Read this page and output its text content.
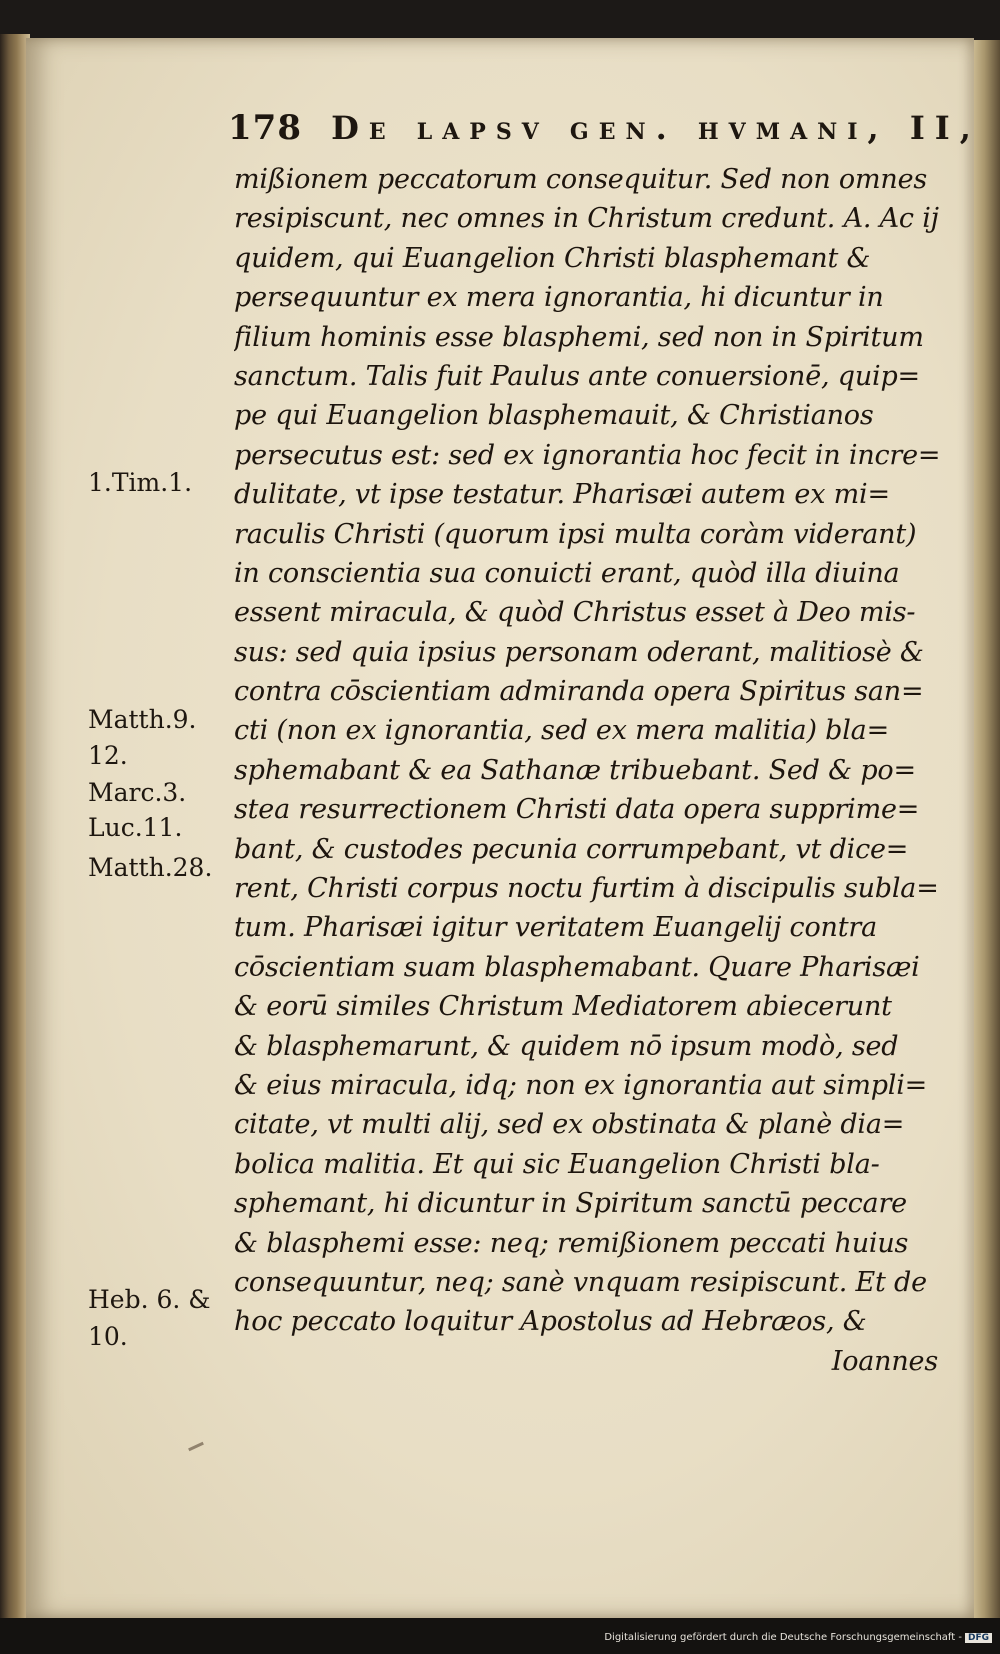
178 De lapsv gen. hvmani, II,
mißionem peccatorum consequitur. Sed non omnes
resipiscunt, nec omnes in Christum credunt. A. Ac ij
quidem, qui Euangelion Christi blasphemant &
persequuntur ex mera ignorantia, hi dicuntur in
filium hominis esse blasphemi, sed non in Spiritum
sanctum. Talis fuit Paulus ante conuersionē, quip=
pe qui Euangelion blasphemauit, & Christianos
persecutus est: sed ex ignorantia hoc fecit in incre=
dulitate, vt ipse testatur. Pharisæi autem ex mi=
raculis Christi (quorum ipsi multa coràm viderant)
in conscientia sua conuicti erant, quòd illa diuina
essent miracula, & quòd Christus esset à Deo mis-
sus: sed quia ipsius personam oderant, malitiosè &
contra cōscientiam admiranda opera Spiritus san=
cti (non ex ignorantia, sed ex mera malitia) bla=
sphemabant & ea Sathanæ tribuebant. Sed & po=
stea resurrectionem Christi data opera supprime=
bant, & custodes pecunia corrumpebant, vt dice=
rent, Christi corpus noctu furtim à discipulis subla=
tum. Pharisæi igitur veritatem Euangelij contra
cōscientiam suam blasphemabant. Quare Pharisæi
& eorū similes Christum Mediatorem abiecerunt
& blasphemarunt, & quidem nō ipsum modò, sed
& eius miracula, idq; non ex ignorantia aut simpli=
citate, vt multi alij, sed ex obstinata & planè dia=
bolica malitia. Et qui sic Euangelion Christi bla-
sphemant, hi dicuntur in Spiritum sanctū peccare
& blasphemi esse: neq; remißionem peccati huius
consequuntur, neq; sanè vnquam resipiscunt. Et de
hoc peccato loquitur Apostolus ad Hebræos, &
Ioannes
1.Tim.1.
Matth.9.
12.
Marc.3.
Luc.11.
Matth.28.
Heb. 6. &
10.
Digitalisierung gefördert durch die Deutsche Forschungsgemeinschaft - DFG
